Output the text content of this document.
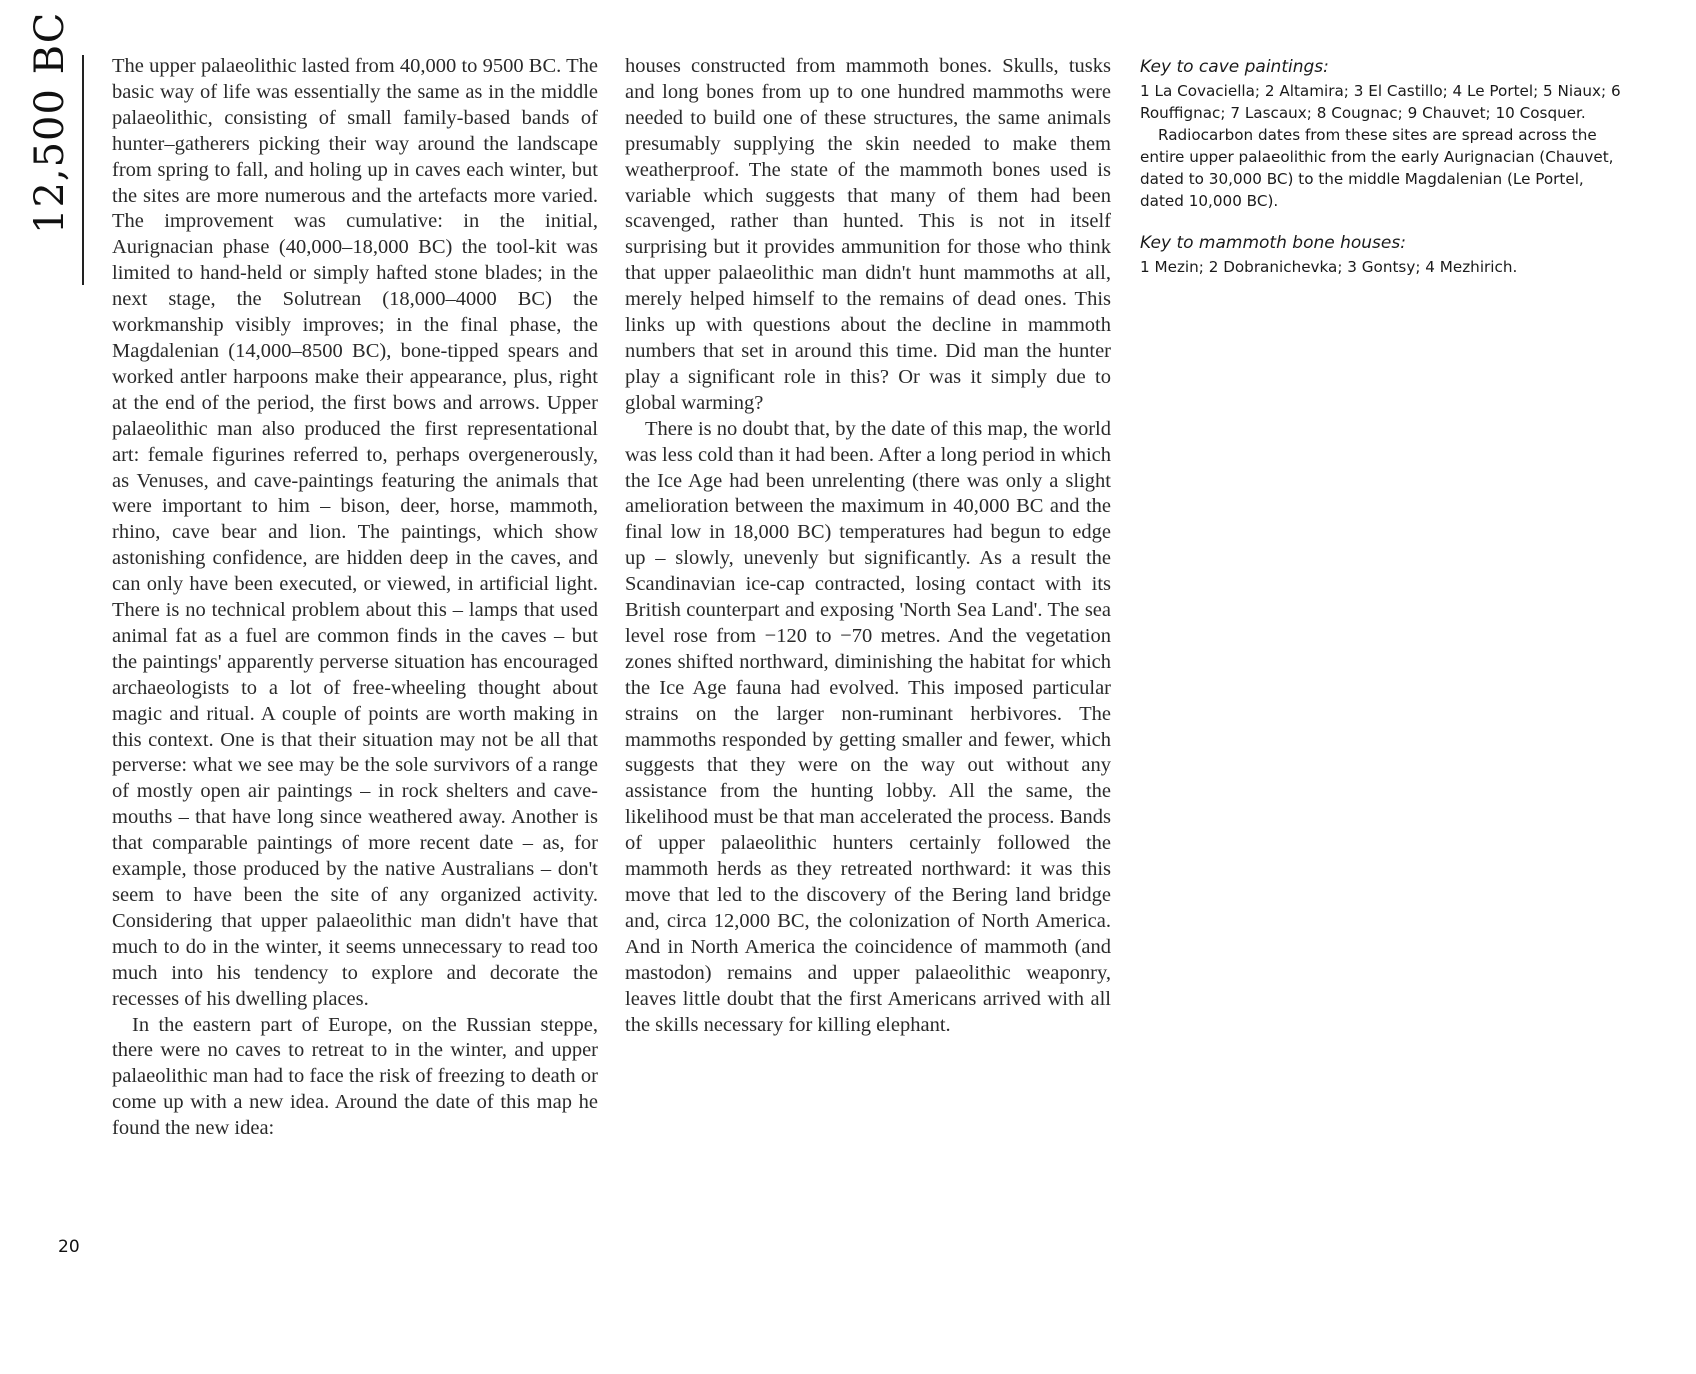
12,500 BC The upper palaeolithic lasted from 40,000 to 9500 BC. The basic way of life was essentially the same as in the middle palaeolithic, consisting of small family-based bands of hunter–gatherers picking their way around the landscape from spring to fall, and holing up in caves each winter, but the sites are more numerous and the artefacts more varied. The improvement was cumulative: in the initial, Aurignacian phase (40,000–18,000 BC) the tool-kit was limited to hand-held or simply hafted stone blades; in the next stage, the Solutrean (18,000–4000 BC) the workmanship visibly improves; in the final phase, the Magdalenian (14,000–8500 BC), bone-tipped spears and worked antler harpoons make their appearance, plus, right at the end of the period, the first bows and arrows. Upper palaeolithic man also produced the first representational art: female figurines referred to, perhaps overgenerously, as Venuses, and cave-paintings featuring the animals that were important to him – bison, deer, horse, mammoth, rhino, cave bear and lion. The paintings, which show astonishing confidence, are hidden deep in the caves, and can only have been executed, or viewed, in artificial light. There is no technical problem about this – lamps that used animal fat as a fuel are common finds in the caves – but the paintings' apparently perverse situation has encouraged archaeologists to a lot of free-wheeling thought about magic and ritual. A couple of points are worth making in this context. One is that their situation may not be all that perverse: what we see may be the sole survivors of a range of mostly open air paintings – in rock shelters and cave-mouths – that have long since weathered away. Another is that comparable paintings of more recent date – as, for example, those produced by the native Australians – don't seem to have been the site of any organized activity. Considering that upper palaeolithic man didn't have that much to do in the winter, it seems unnecessary to read too much into his tendency to explore and decorate the recesses of his dwelling places.

In the eastern part of Europe, on the Russian steppe, there were no caves to retreat to in the winter, and upper palaeolithic man had to face the risk of freezing to death or come up with a new idea. Around the date of this map he found the new idea:

houses constructed from mammoth bones. Skulls, tusks and long bones from up to one hundred mammoths were needed to build one of these structures, the same animals presumably supplying the skin needed to make them weatherproof. The state of the mammoth bones used is variable which suggests that many of them had been scavenged, rather than hunted. This is not in itself surprising but it provides ammunition for those who think that upper palaeolithic man didn't hunt mammoths at all, merely helped himself to the remains of dead ones. This links up with questions about the decline in mammoth numbers that set in around this time. Did man the hunter play a significant role in this? Or was it simply due to global warming?

There is no doubt that, by the date of this map, the world was less cold than it had been. After a long period in which the Ice Age had been unrelenting (there was only a slight amelioration between the maximum in 40,000 BC and the final low in 18,000 BC) temperatures had begun to edge up – slowly, unevenly but significantly. As a result the Scandinavian ice-cap contracted, losing contact with its British counterpart and exposing 'North Sea Land'. The sea level rose from −120 to −70 metres. And the vegetation zones shifted northward, diminishing the habitat for which the Ice Age fauna had evolved. This imposed particular strains on the larger non-ruminant herbivores. The mammoths responded by getting smaller and fewer, which suggests that they were on the way out without any assistance from the hunting lobby. All the same, the likelihood must be that man accelerated the process. Bands of upper palaeolithic hunters certainly followed the mammoth herds as they retreated northward: it was this move that led to the discovery of the Bering land bridge and, circa 12,000 BC, the colonization of North America. And in North America the coincidence of mammoth (and mastodon) remains and upper palaeolithic weaponry, leaves little doubt that the first Americans arrived with all the skills necessary for killing elephant.

Key to cave paintings:

1 La Covaciella; 2 Altamira; 3 El Castillo; 4 Le Portel; 5 Niaux; 6 Rouffignac; 7 Lascaux; 8 Cougnac; 9 Chauvet; 10 Cosquer.

Radiocarbon dates from these sites are spread across the entire upper palaeolithic from the early Aurignacian (Chauvet, dated to 30,000 BC) to the middle Magdalenian (Le Portel, dated 10,000 BC).

Key to mammoth bone houses:

1 Mezin; 2 Dobranichevka; 3 Gontsy; 4 Mezhirich.

20
